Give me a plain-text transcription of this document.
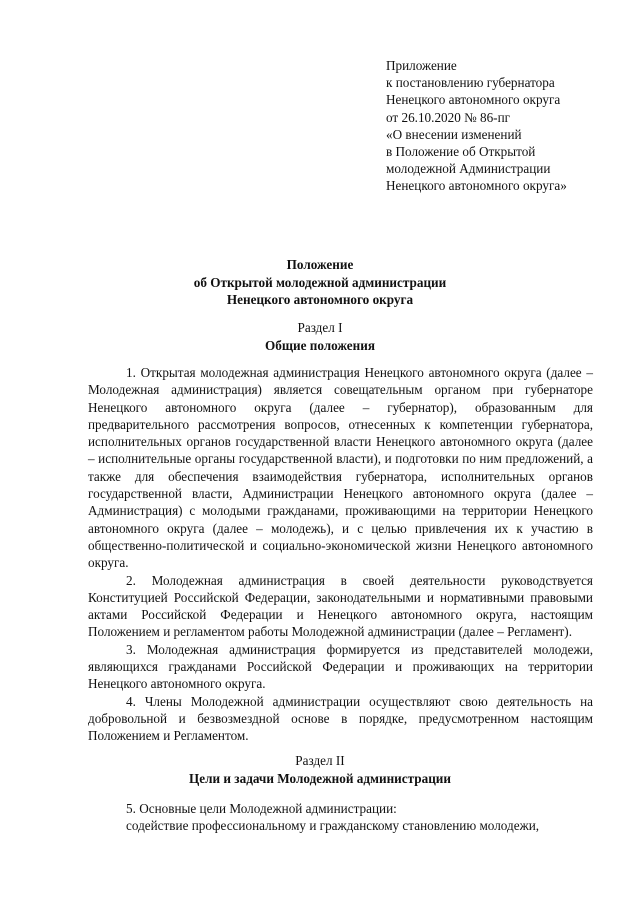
Приложение
к постановлению губернатора
Ненецкого автономного округа
от 26.10.2020 № 86-пг
«О внесении изменений
в Положение об Открытой
молодежной Администрации
Ненецкого автономного округа»
Положение
об Открытой молодежной администрации
Ненецкого автономного округа
Раздел I
Общие положения

1. Открытая молодежная администрация Ненецкого автономного округа (далее – Молодежная администрация) является совещательным органом при губернаторе Ненецкого автономного округа (далее – губернатор), образованным для предварительного рассмотрения вопросов, отнесенных к компетенции губернатора, исполнительных органов государственной власти Ненецкого автономного округа (далее – исполнительные органы государственной власти), и подготовки по ним предложений, а также для обеспечения взаимодействия губернатора, исполнительных органов государственной власти, Администрации Ненецкого автономного округа (далее – Администрация) с молодыми гражданами, проживающими на территории Ненецкого автономного округа (далее – молодежь), и с целью привлечения их к участию в общественно-политической и социально-экономической жизни Ненецкого автономного округа.

2. Молодежная администрация в своей деятельности руководствуется Конституцией Российской Федерации, законодательными и нормативными правовыми актами Российской Федерации и Ненецкого автономного округа, настоящим Положением и регламентом работы Молодежной администрации (далее – Регламент).

3. Молодежная администрация формируется из представителей молодежи, являющихся гражданами Российской Федерации и проживающих на территории Ненецкого автономного округа.

4. Члены Молодежной администрации осуществляют свою деятельность на добровольной и безвозмездной основе в порядке, предусмотренном настоящим Положением и Регламентом.

Раздел II
Цели и задачи Молодежной администрации

5. Основные цели Молодежной администрации:

содействие профессиональному и гражданскому становлению молодежи,
